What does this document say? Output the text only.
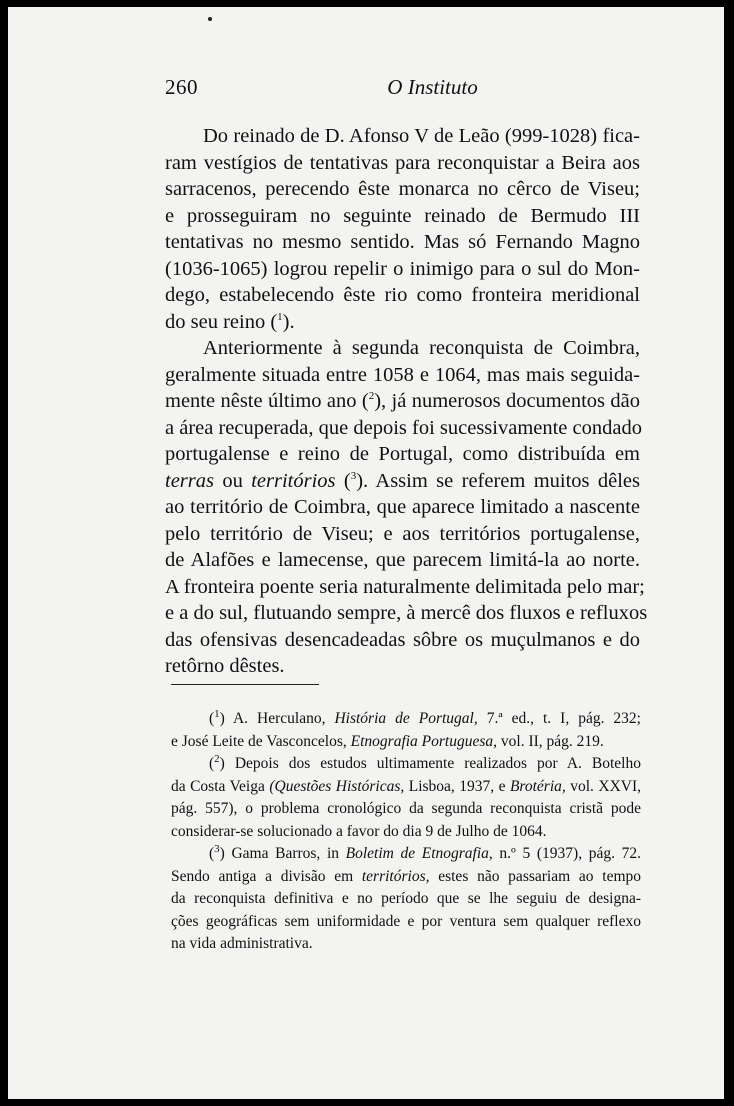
260	O Instituto

Do reinado de D. Afonso V de Leão (999-1028) fica-
ram vestígios de tentativas para reconquistar a Beira aos
sarracenos, perecendo êste monarca no cêrco de Viseu;
e prosseguiram no seguinte reinado de Bermudo III
tentativas no mesmo sentido. Mas só Fernando Magno
(1036-1065) logrou repelir o inimigo para o sul do Mon-
dego, estabelecendo êste rio como fronteira meridional
do seu reino ($^1$).

Anteriormente à segunda reconquista de Coimbra,
geralmente situada entre 1058 e 1064, mas mais seguida-
mente nêste último ano ($^2$), já numerosos documentos dão
a área recuperada, que depois foi sucessivamente condado
portugalense e reino de Portugal, como distribuída em
terras ou territórios ($^3$). Assim se referem muitos dêles
ao território de Coimbra, que aparece limitado a nascente
pelo território de Viseu; e aos territórios portugalense,
de Alafões e lamecense, que parecem limitá-la ao norte.
A fronteira poente seria naturalmente delimitada pelo mar;
e a do sul, flutuando sempre, à mercê dos fluxos e refluxos
das ofensivas desencadeadas sôbre os muçulmanos e do
retôrno dêstes.

($^1$) A. Herculano, História de Portugal, 7.ª ed., t. I, pág. 232;
e José Leite de Vasconcelos, Etnografia Portuguesa, vol. II, pág. 219.
($^2$) Depois dos estudos ultimamente realizados por A. Botelho
da Costa Veiga (Questões Históricas, Lisboa, 1937, e Brotéria, vol. XXVI,
pág. 557), o problema cronológico da segunda reconquista cristã pode
considerar-se solucionado a favor do dia 9 de Julho de 1064.
($^3$) Gama Barros, in Boletim de Etnografia, n.º 5 (1937), pág. 72.
Sendo antiga a divisão em territórios, estes não passariam ao tempo
da reconquista definitiva e no período que se lhe seguiu de designa-
ções geográficas sem uniformidade e por ventura sem qualquer reflexo
na vida administrativa.
